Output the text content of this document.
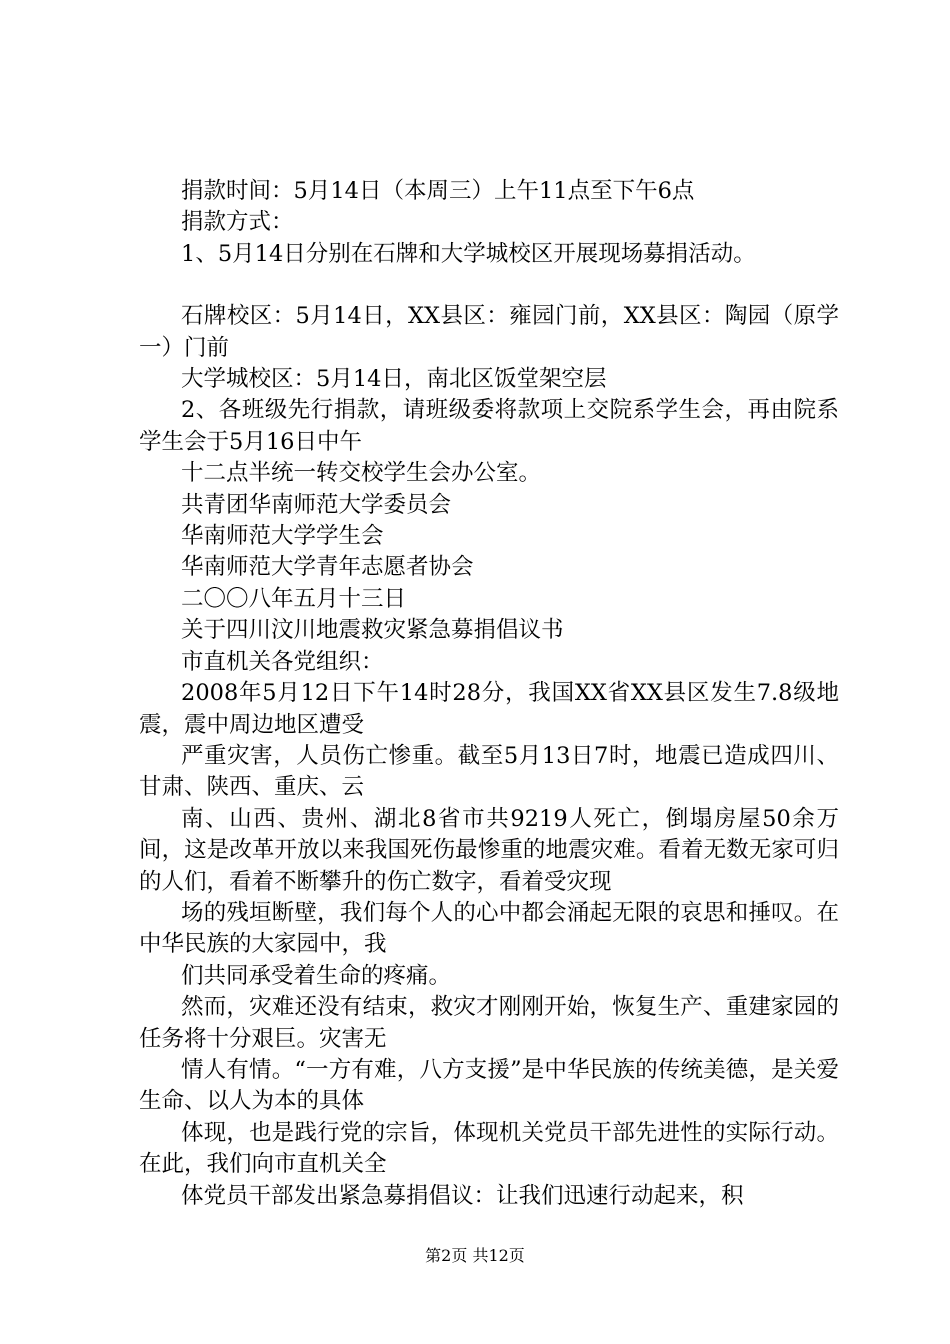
捐款时间：5月14日（本周三）上午11点至下午6点

捐款方式：

1、5月14日分别在石牌和大学城校区开展现场募捐活动。

石牌校区：5月14日，XX县区：雍园门前，XX县区：陶园（原学一）门前

大学城校区：5月14日，南北区饭堂架空层

2、各班级先行捐款，请班级委将款项上交院系学生会，再由院系学生会于5月16日中午

十二点半统一转交校学生会办公室。

共青团华南师范大学委员会

华南师范大学学生会

华南师范大学青年志愿者协会

二〇〇八年五月十三日

关于四川汶川地震救灾紧急募捐倡议书

市直机关各党组织：

2008年5月12日下午14时28分，我国XX省XX县区发生7.8级地震，震中周边地区遭受

严重灾害，人员伤亡惨重。截至5月13日7时，地震已造成四川、甘肃、陕西、重庆、云

南、山西、贵州、湖北8省市共9219人死亡，倒塌房屋50余万间，这是改革开放以来我国死伤最惨重的地震灾难。看着无数无家可归的人们，看着不断攀升的伤亡数字，看着受灾现

场的残垣断壁，我们每个人的心中都会涌起无限的哀思和捶叹。在中华民族的大家园中，我

们共同承受着生命的疼痛。

然而，灾难还没有结束，救灾才刚刚开始，恢复生产、重建家园的任务将十分艰巨。灾害无

情人有情。“一方有难，八方支援”是中华民族的传统美德，是关爱生命、以人为本的具体

体现，也是践行党的宗旨，体现机关党员干部先进性的实际行动。在此，我们向市直机关全

体党员干部发出紧急募捐倡议：让我们迅速行动起来，积

第2页 共12页
